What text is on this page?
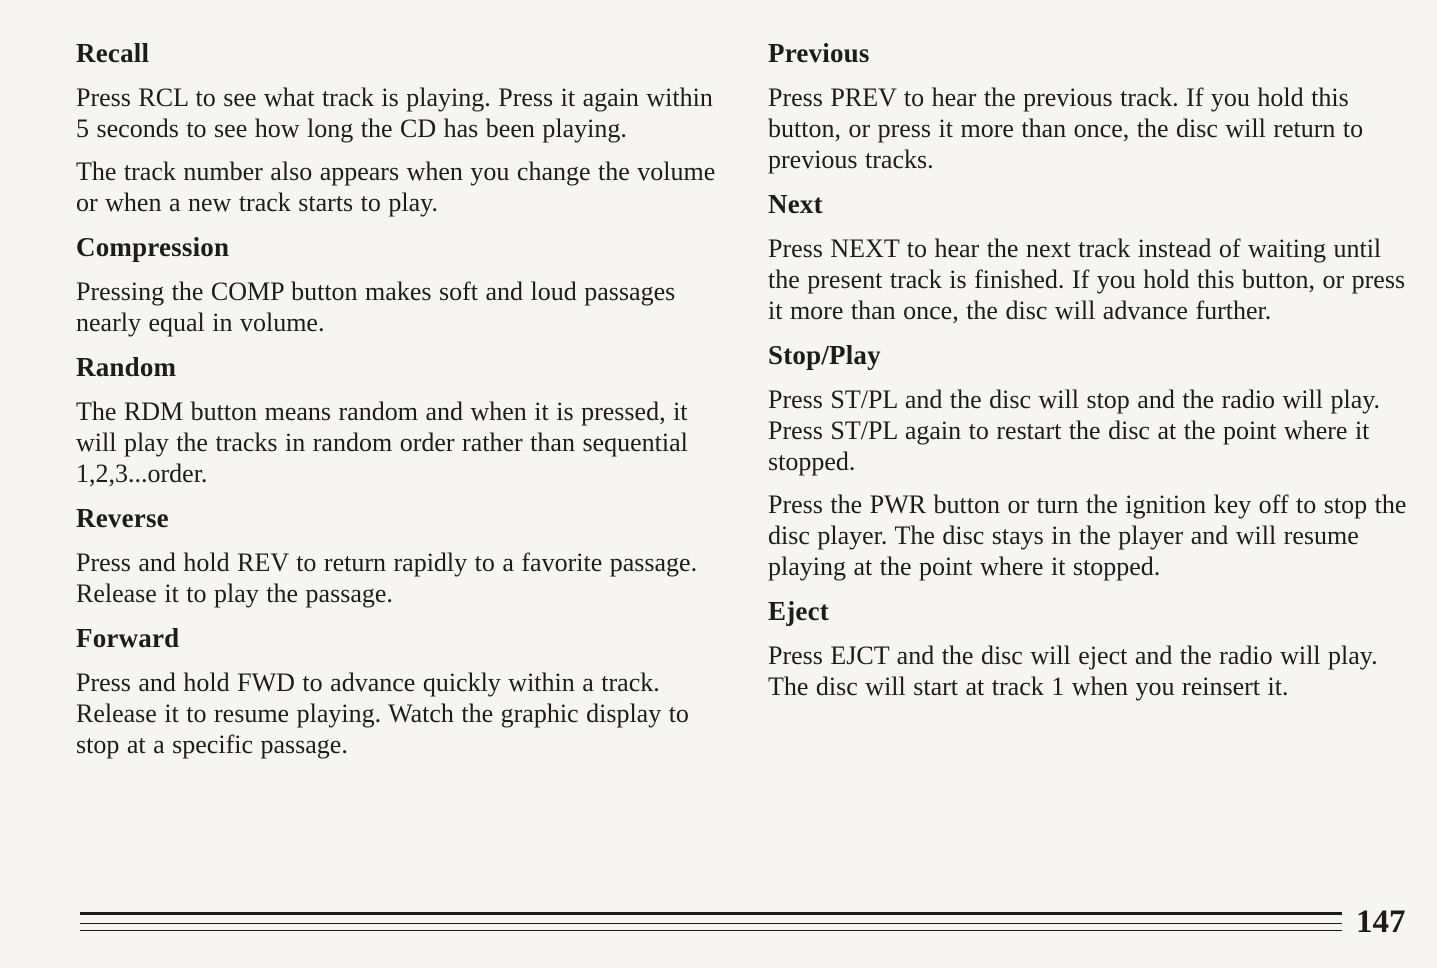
Recall

Press RCL to see what track is playing. Press it again within 5 seconds to see how long the CD has been playing.

The track number also appears when you change the volume or when a new track starts to play.

Compression

Pressing the COMP button makes soft and loud passages nearly equal in volume.

Random

The RDM button means random and when it is pressed, it will play the tracks in random order rather than sequential 1,2,3...order.

Reverse

Press and hold REV to return rapidly to a favorite passage. Release it to play the passage.

Forward

Press and hold FWD to advance quickly within a track. Release it to resume playing. Watch the graphic display to stop at a specific passage.

Previous

Press PREV to hear the previous track. If you hold this button, or press it more than once, the disc will return to previous tracks.

Next

Press NEXT to hear the next track instead of waiting until the present track is finished. If you hold this button, or press it more than once, the disc will advance further.

Stop/Play

Press ST/PL and the disc will stop and the radio will play. Press ST/PL again to restart the disc at the point where it stopped.

Press the PWR button or turn the ignition key off to stop the disc player. The disc stays in the player and will resume playing at the point where it stopped.

Eject

Press EJCT and the disc will eject and the radio will play. The disc will start at track 1 when you reinsert it.

147
